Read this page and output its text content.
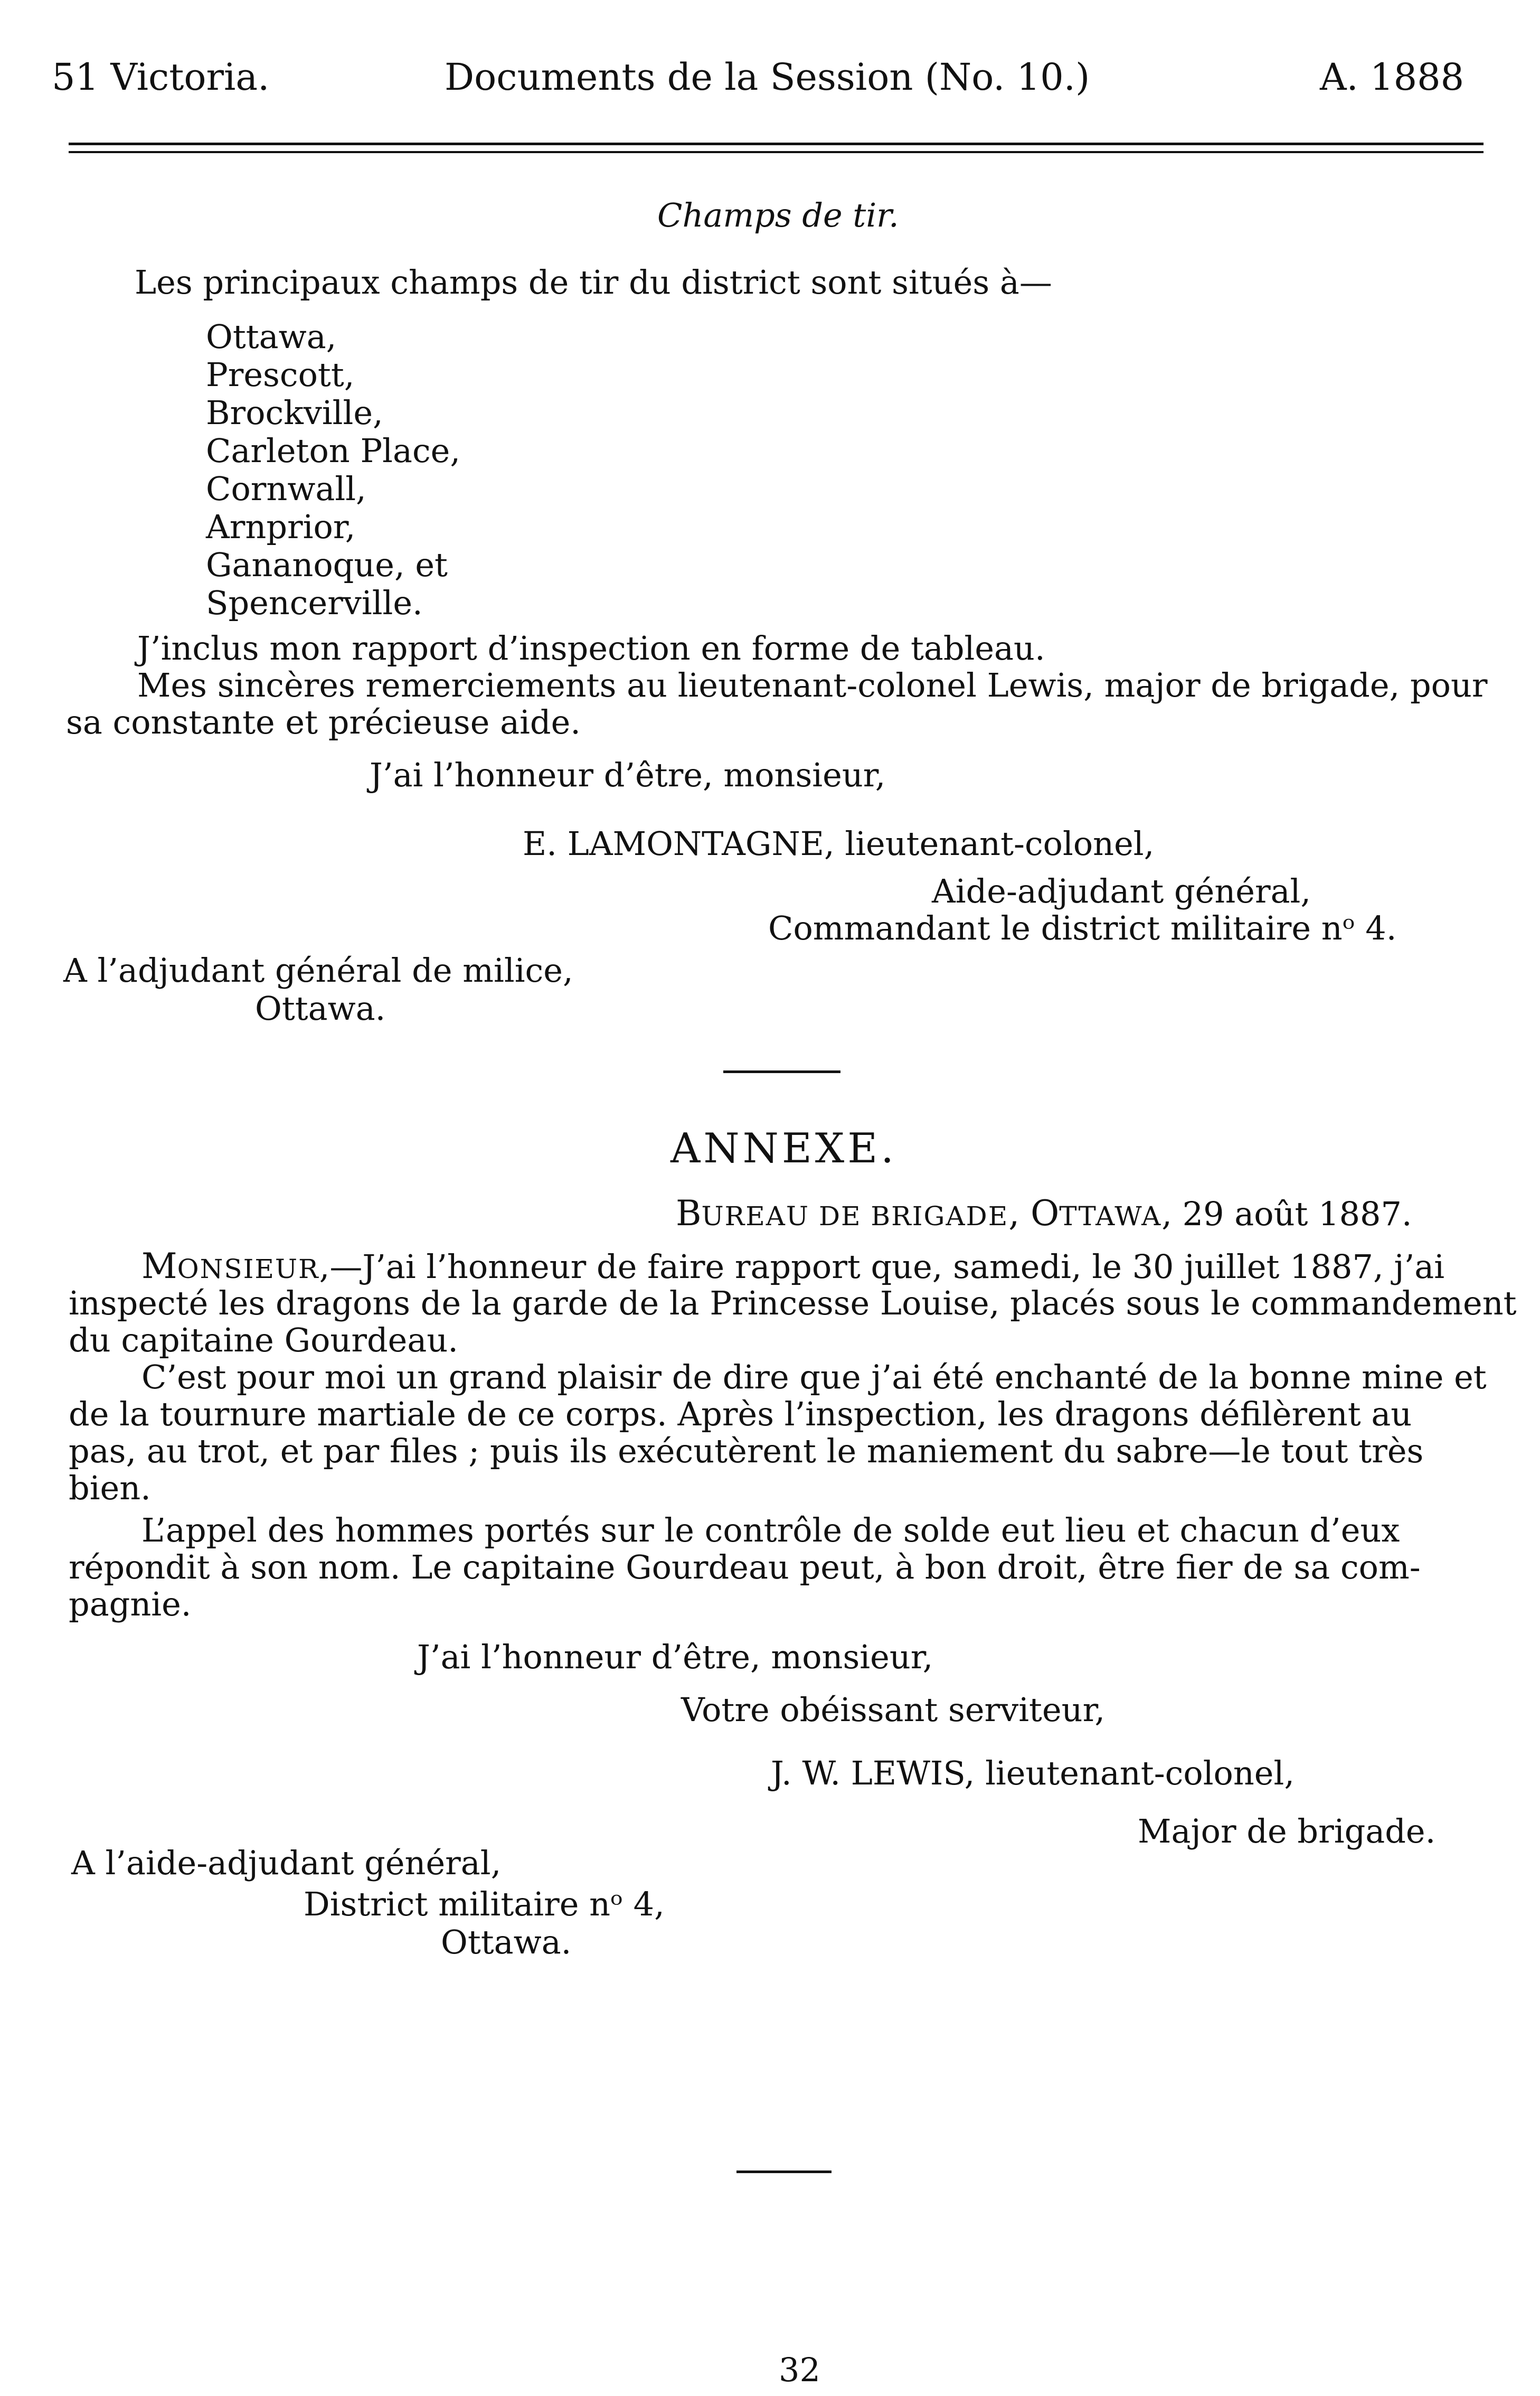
51 Victoria.	Documents de la Session (No. 10.)	A. 1888
Champs de tir.
Les principaux champs de tir du district sont situés à—
Ottawa,
Prescott,
Brockville,
Carleton Place,
Cornwall,
Arnprior,
Gananoque, et
Spencerville.
J’inclus mon rapport d’inspection en forme de tableau.
Mes sincères remerciements au lieutenant-colonel Lewis, major de brigade, pour
sa constante et précieuse aide.
J’ai l’honneur d’être, monsieur,
E. LAMONTAGNE, lieutenant-colonel,
Aide-adjudant général,
Commandant le district militaire nᵒ 4.
A l’adjudant général de milice,
Ottawa.
ANNEXE.
BUREAU DE BRIGADE, OTTAWA, 29 août 1887.
MONSIEUR,—J’ai l’honneur de faire rapport que, samedi, le 30 juillet 1887, j’ai
inspecté les dragons de la garde de la Princesse Louise, placés sous le commandement
du capitaine Gourdeau.
C’est pour moi un grand plaisir de dire que j’ai été enchanté de la bonne mine et
de la tournure martiale de ce corps. Après l’inspection, les dragons défilèrent au
pas, au trot, et par files ; puis ils exécutèrent le maniement du sabre—le tout très
bien.
L’appel des hommes portés sur le contrôle de solde eut lieu et chacun d’eux
répondit à son nom. Le capitaine Gourdeau peut, à bon droit, être fier de sa com-
pagnie.
J’ai l’honneur d’être, monsieur,
Votre obéissant serviteur,
J. W. LEWIS, lieutenant-colonel,
Major de brigade.
A l’aide-adjudant général,
District militaire nᵒ 4,
Ottawa.
32
